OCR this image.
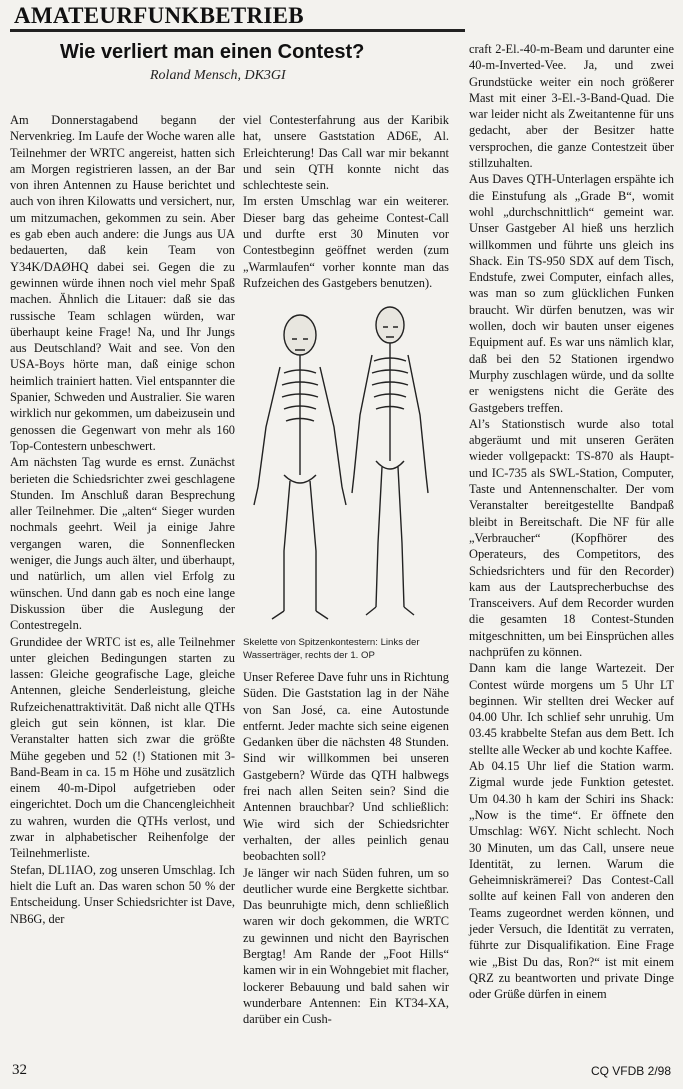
AMATEURFUNKBETRIEB
Wie verliert man einen Contest?
Roland Mensch, DK3GI

Am Donnerstagabend begann der Nervenkrieg. Im Laufe der Woche waren alle Teilnehmer der WRTC angereist, hatten sich am Morgen registrieren lassen, an der Bar von ihren Antennen zu Hause berichtet und auch von ihren Kilowatts und versichert, nur, um mitzumachen, gekommen zu sein. Aber es gab eben auch andere: die Jungs aus UA bedauerten, daß kein Team von Y34K/DAØHQ dabei sei. Gegen die zu gewinnen würde ihnen noch viel mehr Spaß machen. Ähnlich die Litauer: daß sie das russische Team schlagen würden, war überhaupt keine Frage! Na, und Ihr Jungs aus Deutschland? Wait and see. Von den USA-Boys hörte man, daß einige schon heimlich trainiert hatten. Viel entspannter die Spanier, Schweden und Australier. Sie waren wirklich nur gekommen, um dabeizusein und genossen die Gegenwart von mehr als 160 Top-Contestern unbeschwert.

Am nächsten Tag wurde es ernst. Zunächst berieten die Schiedsrichter zwei geschlagene Stunden. Im Anschluß daran Besprechung aller Teilnehmer. Die „alten“ Sieger wurden nochmals geehrt. Weil ja einige Jahre vergangen waren, die Sonnenflecken weniger, die Jungs auch älter, und überhaupt, und natürlich, um allen viel Erfolg zu wünschen. Und dann gab es noch eine lange Diskussion über die Auslegung der Contestregeln.

Grundidee der WRTC ist es, alle Teilnehmer unter gleichen Bedingungen starten zu lassen: Gleiche geografische Lage, gleiche Antennen, gleiche Senderleistung, gleiche Rufzeichenattraktivität. Daß nicht alle QTHs gleich gut sein können, ist klar. Die Veranstalter hatten sich zwar die größte Mühe gegeben und 52 (!) Stationen mit 3-Band-Beam in ca. 15 m Höhe und zusätzlich einem 40-m-Dipol aufgetrieben oder eingerichtet. Doch um die Chancengleichheit zu wahren, wurden die QTHs verlost, und zwar in alphabetischer Reihenfolge der Teilnehmerliste.

Stefan, DL1IAO, zog unseren Umschlag. Ich hielt die Luft an. Das waren schon 50 % der Entscheidung. Unser Schiedsrichter ist Dave, NB6G, der

viel Contesterfahrung aus der Karibik hat, unsere Gaststation AD6E, Al. Erleichterung! Das Call war mir bekannt und sein QTH konnte nicht das schlechteste sein.

Im ersten Umschlag war ein weiterer. Dieser barg das geheime Contest-Call und durfte erst 30 Minuten vor Contestbeginn geöffnet werden (zum „Warmlaufen“ vorher konnte man das Rufzeichen des Gastgebers benutzen).

Skelette von Spitzenkontestern: Links der Wasserträger, rechts der 1. OP

Unser Referee Dave fuhr uns in Richtung Süden. Die Gaststation lag in der Nähe von San José, ca. eine Autostunde entfernt. Jeder machte sich seine eigenen Gedanken über die nächsten 48 Stunden. Sind wir willkommen bei unseren Gastgebern? Würde das QTH halbwegs frei nach allen Seiten sein? Sind die Antennen brauchbar? Und schließlich: Wie wird sich der Schiedsrichter verhalten, der alles peinlich genau beobachten soll?

Je länger wir nach Süden fuhren, um so deutlicher wurde eine Bergkette sichtbar. Das beunruhigte mich, denn schließlich waren wir doch gekommen, die WRTC zu gewinnen und nicht den Bayrischen Bergtag! Am Rande der „Foot Hills“ kamen wir in ein Wohngebiet mit flacher, lockerer Bebauung und bald sahen wir wunderbare Antennen: Ein KT34-XA, darüber ein Cush-

craft 2-El.-40-m-Beam und darunter eine 40-m-Inverted-Vee. Ja, und zwei Grundstücke weiter ein noch größerer Mast mit einer 3-El.-3-Band-Quad. Die war leider nicht als Zweitantenne für uns gedacht, aber der Besitzer hatte versprochen, die ganze Contestzeit über stillzuhalten.

Aus Daves QTH-Unterlagen erspähte ich die Einstufung als „Grade B“, womit wohl „durchschnittlich“ gemeint war. Unser Gastgeber Al hieß uns herzlich willkommen und führte uns gleich ins Shack. Ein TS-950 SDX auf dem Tisch, Endstufe, zwei Computer, einfach alles, was man so zum glücklichen Funken braucht. Wir dürfen benutzen, was wir wollen, doch wir bauten unser eigenes Equipment auf. Es war uns nämlich klar, daß bei den 52 Stationen irgendwo Murphy zuschlagen würde, und da sollte er wenigstens nicht die Geräte des Gastgebers treffen.

Al’s Stationstisch wurde also total abgeräumt und mit unseren Geräten wieder vollgepackt: TS-870 als Haupt- und IC-735 als SWL-Station, Computer, Taste und Antennenschalter. Der vom Veranstalter bereitgestellte Bandpaß bleibt in Bereitschaft. Die NF für alle „Verbraucher“ (Kopfhörer des Operateurs, des Competitors, des Schiedsrichters und für den Recorder) kam aus der Lautsprecherbuchse des Transceivers. Auf dem Recorder wurden die gesamten 18 Contest-Stunden mitgeschnitten, um bei Einsprüchen alles nachprüfen zu können.

Dann kam die lange Wartezeit. Der Contest würde morgens um 5 Uhr LT beginnen. Wir stellten drei Wecker auf 04.00 Uhr. Ich schlief sehr unruhig. Um 03.45 krabbelte Stefan aus dem Bett. Ich stellte alle Wecker ab und kochte Kaffee.

Ab 04.15 Uhr lief die Station warm. Zigmal wurde jede Funktion getestet. Um 04.30 h kam der Schiri ins Shack: „Now is the time“. Er öffnete den Umschlag: W6Y. Nicht schlecht. Noch 30 Minuten, um das Call, unsere neue Identität, zu lernen. Warum die Geheimniskrämerei? Das Contest-Call sollte auf keinen Fall von anderen den Teams zugeordnet werden können, und jeder Versuch, die Identität zu verraten, führte zur Disqualifikation. Eine Frage wie „Bist Du das, Ron?“ ist mit einem QRZ zu beantworten und private Dinge oder Grüße dürfen in einem

32	CQ VFDB 2/98
